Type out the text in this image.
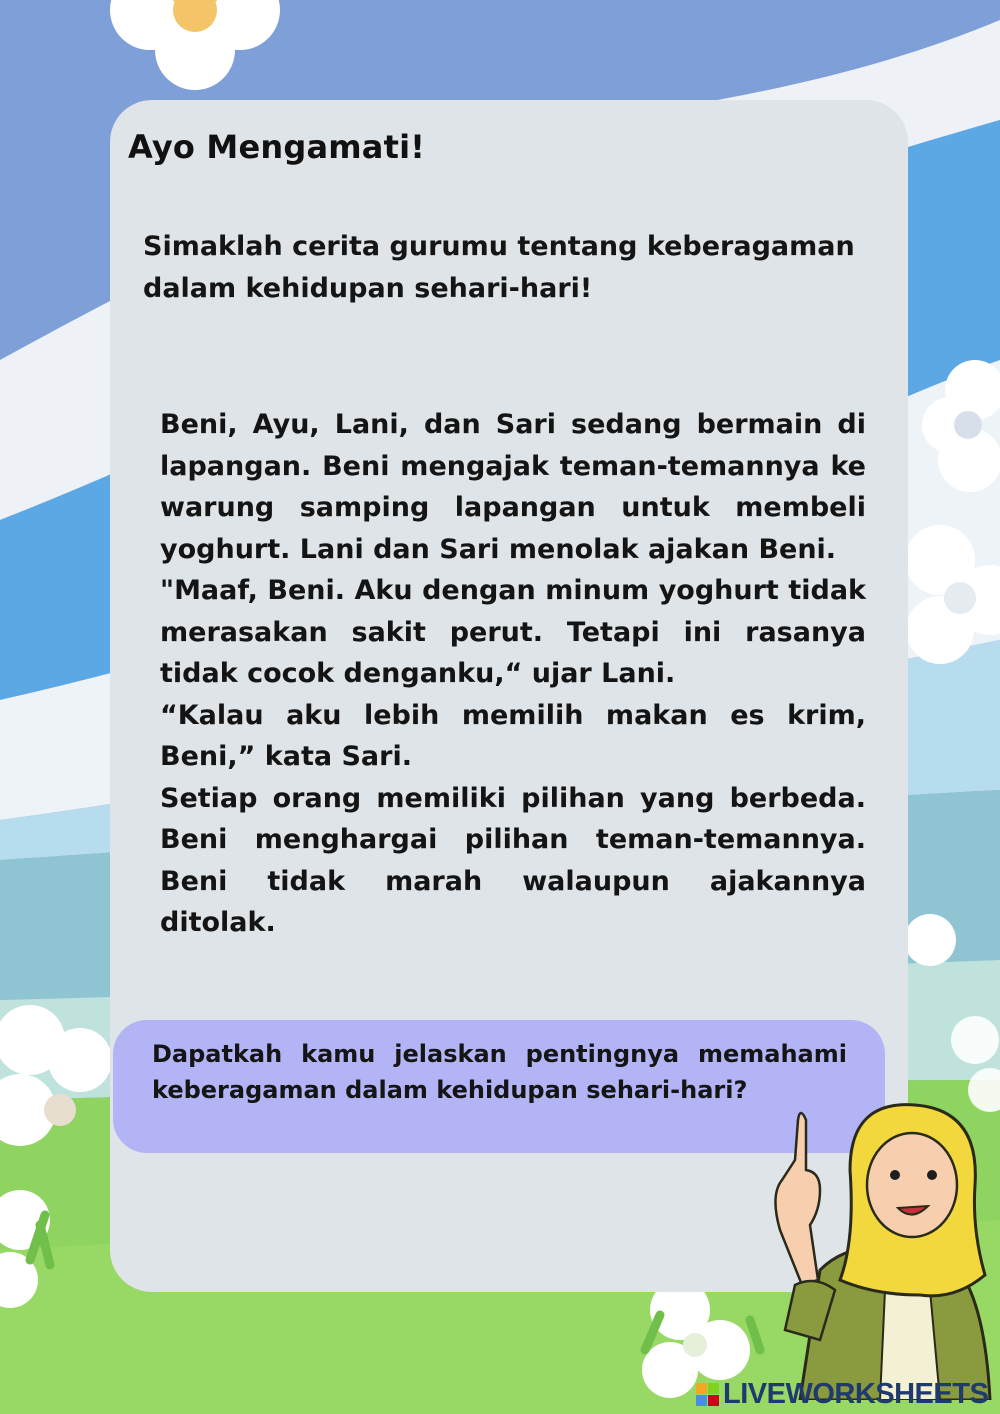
Ayo Mengamati!

Simaklah cerita gurumu tentang keberagaman dalam kehidupan sehari-hari!

Beni, Ayu, Lani, dan Sari sedang bermain di lapangan. Beni mengajak teman-temannya ke warung samping lapangan untuk membeli yoghurt. Lani dan Sari menolak ajakan Beni.

"Maaf, Beni. Aku dengan minum yoghurt tidak merasakan sakit perut. Tetapi ini rasanya tidak cocok denganku,“ ujar Lani.

“Kalau aku lebih memilih makan es krim, Beni,” kata Sari.

Setiap orang memiliki pilihan yang berbeda. Beni menghargai pilihan teman-temannya. Beni tidak marah walaupun ajakannya ditolak.

Dapatkah kamu jelaskan pentingnya memahami keberagaman dalam kehidupan sehari-hari?

LIVEWORKSHEETS
